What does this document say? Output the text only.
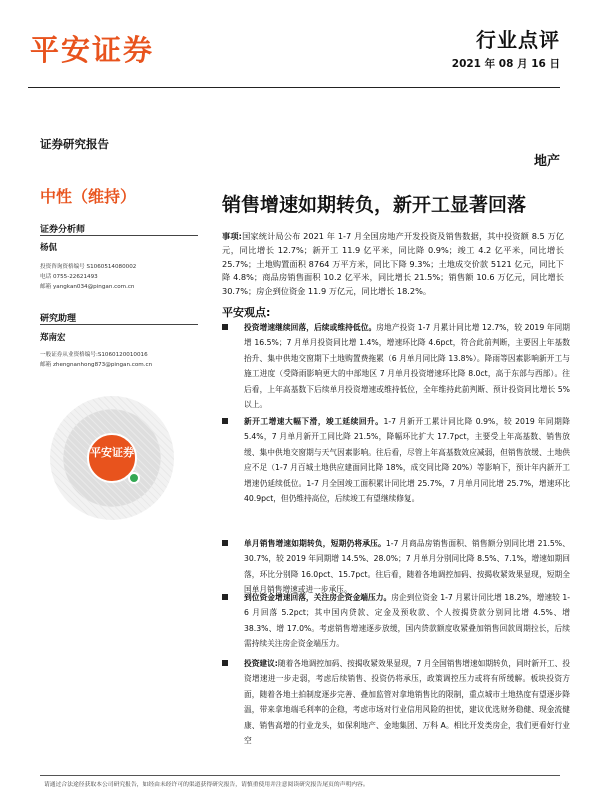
平安证券	行业点评
2021 年 08 月 16 日
证券研究报告
地产
中性（维持）
证券分析师
杨侃
投资咨询资格编号 S1060514080002
电话 0755-22621493
邮箱 yangkan034@pingan.com.cn
研究助理
郑南宏
一般证券从业资格编号:S1060120010016
邮箱 zhengnanhong873@pingan.com.cn
平安证券
销售增速如期转负，新开工显著回落
事项:国家统计局公布 2021 年 1-7 月全国房地产开发投资及销售数据，其中投资额 8.5 万亿元，同比增长 12.7%；新开工 11.9 亿平米，同比降 0.9%；竣工 4.2 亿平米，同比增长 25.7%；土地购置面积 8764 万平方米，同比下降 9.3%；土地成交价款 5121 亿元，同比下降 4.8%；商品房销售面积 10.2 亿平米，同比增长 21.5%；销售额 10.6 万亿元，同比增长 30.7%；房企到位资金 11.9 万亿元，同比增长 18.2%。
平安观点:
投资增速继续回落，后续或维持低位。房地产投资 1-7 月累计同比增 12.7%，较 2019 年同期增 16.5%；7 月单月投资同比增 1.4%，增速环比降 4.6pct，符合此前判断，主要因上年基数抬升、集中供地交窗期下土地购置费拖累（6 月单月同比降 13.8%）。降雨等因素影响新开工与施工进度（受降雨影响更大的中部地区 7 月单月投资增速环比降 8.0ct，高于东部与西部）。往后看，上年高基数下后续单月投资增速或维持低位，全年维持此前判断、预计投资同比增长 5%以上。
新开工增速大幅下滑，竣工延续回升。1-7 月新开工累计同比降 0.9%，较 2019 年同期降 5.4%，7 月单月新开工同比降 21.5%，降幅环比扩大 17.7pct，主要受上年高基数、销售放缓、集中供地交窗期与天气因素影响。往后看，尽管上年高基数效应减弱，但销售放缓、土地供应不足（1-7 月百城土地供应建面同比降 18%，成交同比降 20%）等影响下，预计年内新开工增速仍延续低位。1-7 月全国竣工面积累计同比增 25.7%，7 月单月同比增 25.7%，增速环比 40.9pct，但仍维持高位，后续竣工有望继续修复。
单月销售增速如期转负，短期仍将承压。1-7 月商品房销售面积、销售额分别同比增 21.5%、30.7%，较 2019 年同期增 14.5%、28.0%；7 月单月分别同比降 8.5%、7.1%，增速如期回落，环比分别降 16.0pct、15.7pct。往后看，随着各地调控加码、按揭收紧效果显现，短期全国单月销售增速或进一步承压。
到位资金增速回落，关注房企资金端压力。房企到位资金 1-7 月累计同比增 18.2%，增速较 1-6 月回落 5.2pct；其中国内贷款、定金及预收款、个人按揭贷款分别同比增 4.5%、增 38.3%、增 17.0%。考虑销售增速逐步放缓，国内贷款额度收紧叠加销售回款周期拉长，后续需持续关注房企资金端压力。
投资建议:随着各地调控加码、按揭收紧效果显现，7 月全国销售增速如期转负，同时新开工、投资增速进一步走弱，考虑后续销售、投资仍将承压，政策调控压力或将有所缓解。板块投资方面，随着各地土拍制度逐步完善、叠加监管对拿地销售比的限制，重点城市土地热度有望逐步降温，带来拿地端毛利率的企稳，考虑市场对行业信用风险的担忧，建议优选财务稳健、现金流健康、销售高增的行业龙头，如保利地产、金地集团、万科 A。相比开发类房企，我们更看好行业空
请通过合法途径获取本公司研究报告，如经由未经许可的渠道获得研究报告，请慎重使用并注意阅读研究报告尾页的声明内容。
